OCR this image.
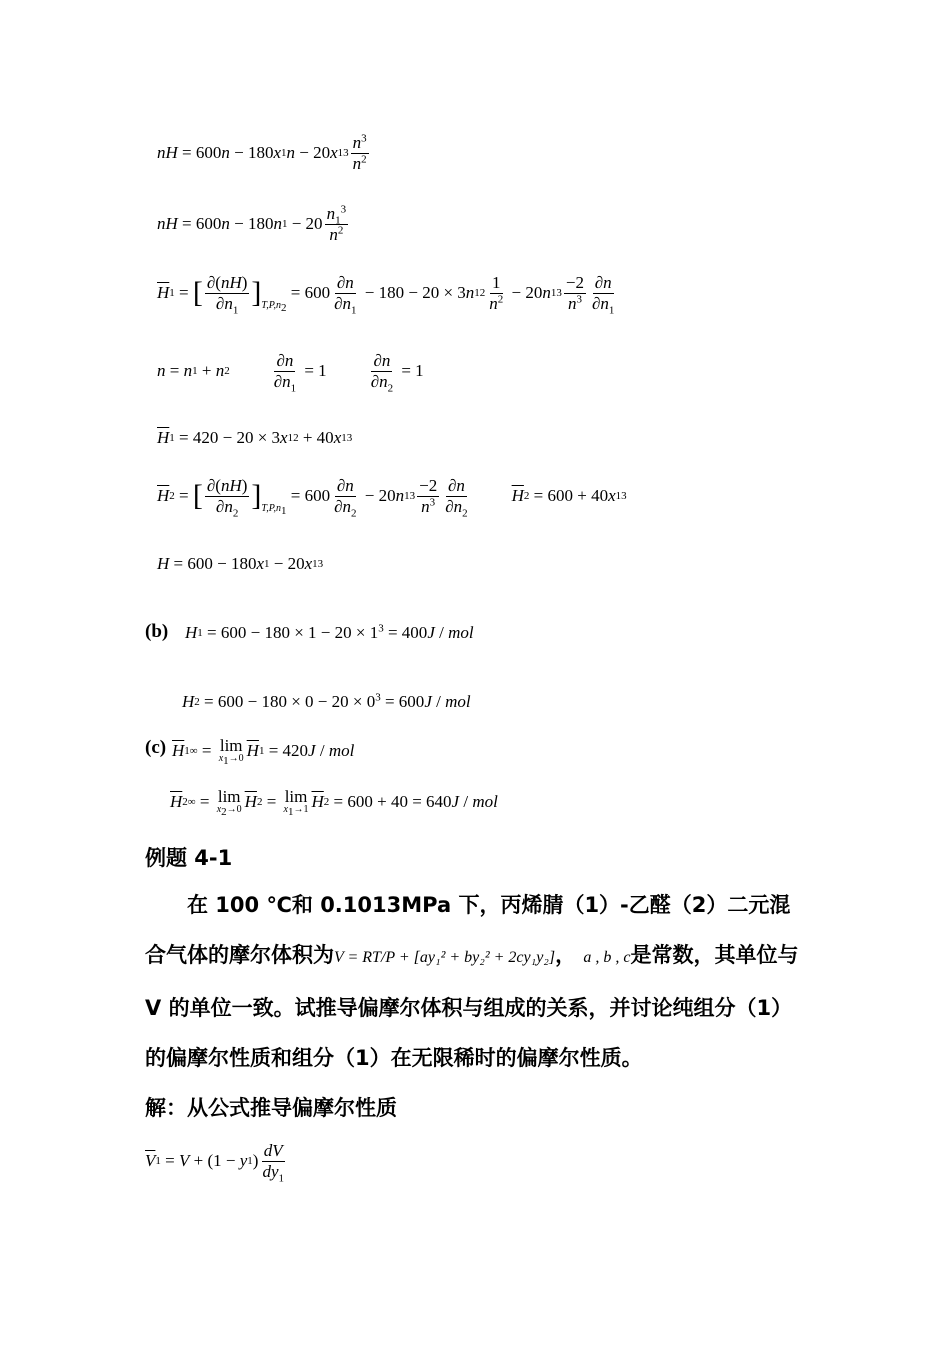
nH = 600 n − 180 x 1 n − 20 x 1 $3 \frac{n^3}{n^2}$
nH = 600 n − 180 n $1 - 20 \frac{n_1^3}{n^2}$
$\overline{H}$ 1 = [ $\frac{\partial(nH)}{\partial n_1}$ ] $T,P,n_2$
= $600 \frac{\partial n}{\partial n_1} - 180 - 20 \times 3$ n 1 $2 \frac{1}{n^2} - 20$ n 1 $3 \frac{-2}{n^3} \frac{\partial n}{\partial n_1}$
n = n 1 + n $2 \frac{\partial n}{\partial n_1} = 1 \frac{\partial n}{\partial n_2} = 1$
$\overline{H}$ 1 = 420 − 20 × 3 x 1 2 + 40 x 1 3
$\overline{H}$ 2 = [ $\frac{\partial(nH)}{\partial n_2}$ ] $T,P,n_1$
= $600 \frac{\partial n}{\partial n_2} - 20$ n 1 $3 \frac{-2}{n^3} \frac{\partial n}{\partial n_2} \overline{H}$ 2 = 600 + 40 x 1 3
H = 600 − 180 x 1 − 20 x 1 3
(b) H $1 = 600 - 180 \times 1 - 20 \times 1^3 = 400$ J / mol
H $2 = 600 - 180 \times 0 - 20 \times 0^3 = 600$ J / mol
(c) $\overline{H}$ 1 ∞ = lim
$x_1\to 0$ $\overline{H}$ 1 = 420 J / mol
$\overline{H}$ 2 ∞ = lim
$x_2\to 0$ $\overline{H}$ 2 = lim
$x_1\to 1$ $\overline{H}$ 2 = 600 + 40 = 640 J / mol
例题 4-1
在 100 ℃和 0.1013MPa 下，丙烯腈（1）-乙醛（2）二元混合气体的摩尔体积为V = RT/P + [ay₁² + by₂² + 2cy₁y₂]， a , b , c是常数，其单位与 V 的单位一致。试推导偏摩尔体积与组成的关系，并讨论纯组分（1）的偏摩尔性质和组分（1）在无限稀时的偏摩尔性质。
解：从公式推导偏摩尔性质
$\overline{V}$ 1 = V + (1 − y 1 ) $\frac{dV}{dy_1}$
